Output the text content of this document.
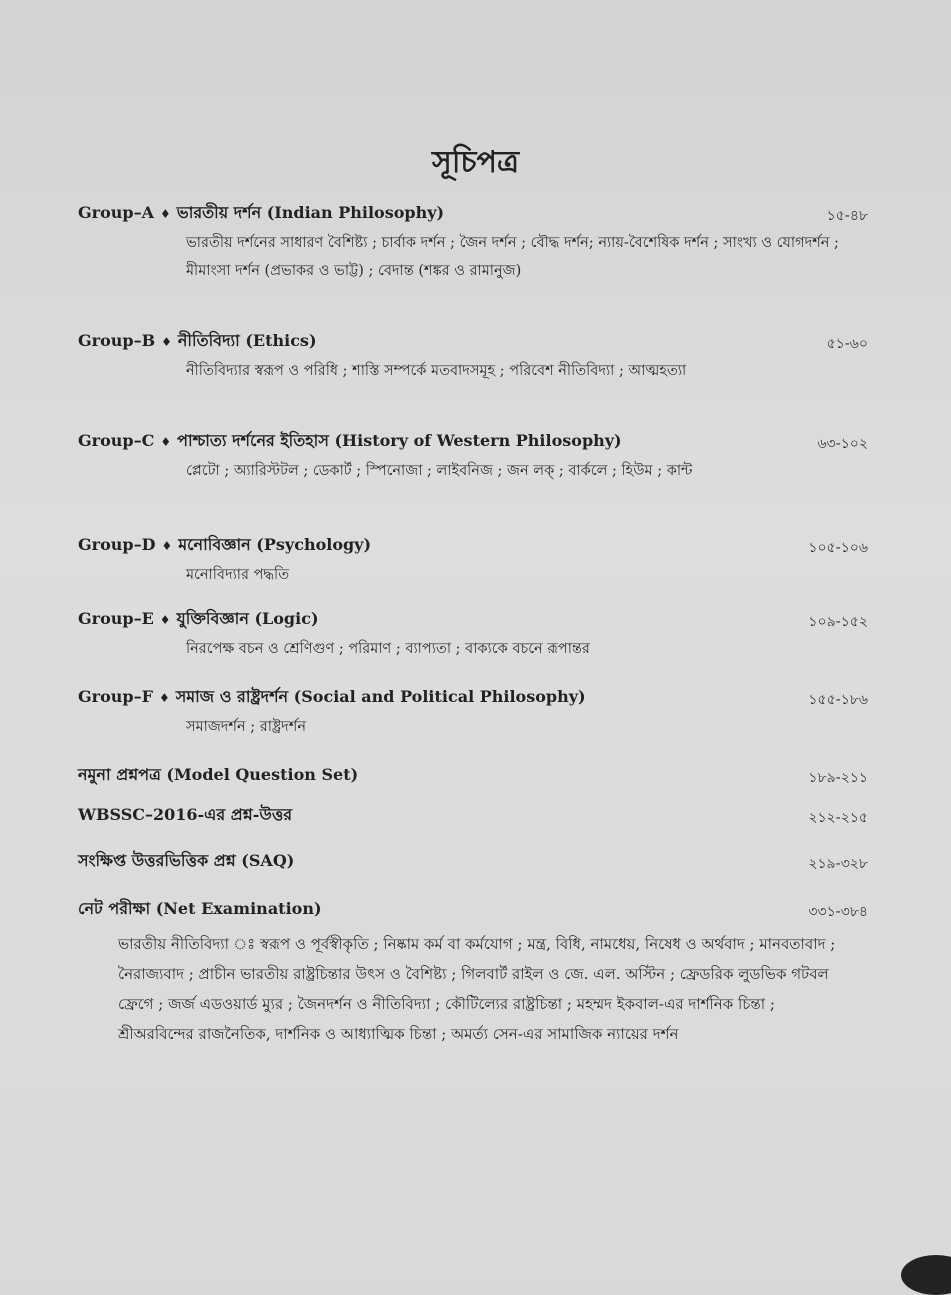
সূচিপত্র
Group–A ♦ ভারতীয় দর্শন (Indian Philosophy)	১৫-৪৮
ভারতীয় দর্শনের সাধারণ বৈশিষ্ট্য ; চার্বাক দর্শন ; জৈন দর্শন ; বৌদ্ধ দর্শন; ন্যায়-বৈশেষিক দর্শন ; সাংখ্য ও যোগদর্শন ; মীমাংসা দর্শন (প্রভাকর ও ভাট্ট) ; বেদান্ত (শঙ্কর ও রামানুজ)
Group–B ♦ নীতিবিদ্যা (Ethics)	৫১-৬০
নীতিবিদ্যার স্বরূপ ও পরিধি ; শাস্তি সম্পর্কে মতবাদসমূহ ; পরিবেশ নীতিবিদ্যা ; আত্মহত্যা
Group–C ♦ পাশ্চাত্য দর্শনের ইতিহাস (History of Western Philosophy)	৬৩-১০২
প্লেটো ; অ্যারিস্টটল ; ডেকার্ট ; স্পিনোজা ; লাইবনিজ ; জন লক্‌ ; বার্কলে ; হিউম ; কান্ট
Group–D ♦ মনোবিজ্ঞান (Psychology)	১০৫-১০৬
মনোবিদ্যার পদ্ধতি
Group–E ♦ যুক্তিবিজ্ঞান (Logic)	১০৯-১৫২
নিরপেক্ষ বচন ও শ্রেণিগুণ ; পরিমাণ ; ব্যাপ্যতা ; বাক্যকে বচনে রূপান্তর
Group–F ♦ সমাজ ও রাষ্ট্রদর্শন (Social and Political Philosophy)	১৫৫-১৮৬
সমাজদর্শন ; রাষ্ট্রদর্শন
নমুনা প্রশ্নপত্র (Model Question Set)	১৮৯-২১১
WBSSC–2016-এর প্রশ্ন-উত্তর	২১২-২১৫
সংক্ষিপ্ত উত্তরভিত্তিক প্রশ্ন (SAQ)	২১৯-৩২৮
নেট পরীক্ষা (Net Examination)	৩৩১-৩৮৪
ভারতীয় নীতিবিদ্যা ঃ স্বরূপ ও পূর্বস্বীকৃতি ; নিষ্কাম কর্ম বা কর্মযোগ ; মন্ত্র, বিধি, নামধেয়, নিষেধ ও অর্থবাদ ; মানবতাবাদ ; নৈরাজ্যবাদ ; প্রাচীন ভারতীয় রাষ্ট্রচিন্তার উৎস ও বৈশিষ্ট্য ; গিলবার্ট রাইল ও জে. এল. অস্টিন ; ফ্রেডরিক লুডভিক গটবল ফ্রেগে ; জর্জ এডওয়ার্ড ম্যুর ; জৈনদর্শন ও নীতিবিদ্যা ; কৌটিল্যের রাষ্ট্রচিন্তা ; মহম্মদ ইকবাল-এর দার্শনিক চিন্তা ; শ্রীঅরবিন্দের রাজনৈতিক, দার্শনিক ও আধ্যাত্মিক চিন্তা ; অমর্ত্য সেন-এর সামাজিক ন্যায়ের দর্শন
